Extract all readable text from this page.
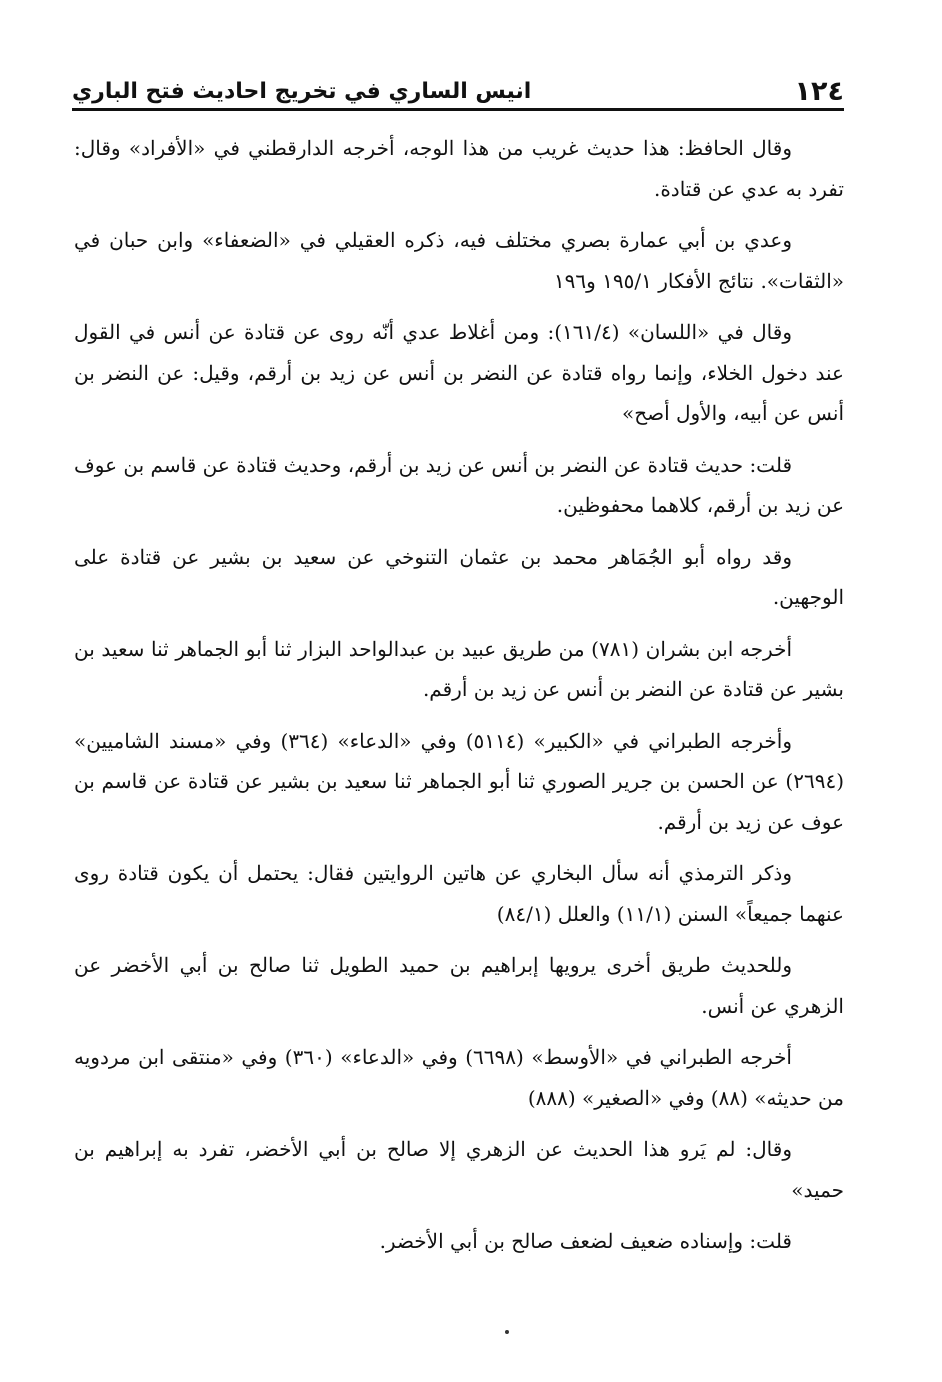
١٢٤
انيس الساري في تخريج احاديث فتح الباري

وقال الحافظ: هذا حديث غريب من هذا الوجه، أخرجه الدارقطني في «الأفراد» وقال: تفرد به عدي عن قتادة.

وعدي بن أبي عمارة بصري مختلف فيه، ذكره العقيلي في «الضعفاء» وابن حبان في «الثقات». نتائج الأفكار ١٩٥/١ و١٩٦

وقال في «اللسان» (١٦١/٤): ومن أغلاط عدي أنّه روى عن قتادة عن أنس في القول عند دخول الخلاء، وإنما رواه قتادة عن النضر بن أنس عن زيد بن أرقم، وقيل: عن النضر بن أنس عن أبيه، والأول أصح»

قلت: حديث قتادة عن النضر بن أنس عن زيد بن أرقم، وحديث قتادة عن قاسم بن عوف عن زيد بن أرقم، كلاهما محفوظين.

وقد رواه أبو الجُمَاهر محمد بن عثمان التنوخي عن سعيد بن بشير عن قتادة على الوجهين.

أخرجه ابن بشران (٧٨١) من طريق عبيد بن عبدالواحد البزار ثنا أبو الجماهر ثنا سعيد بن بشير عن قتادة عن النضر بن أنس عن زيد بن أرقم.

وأخرجه الطبراني في «الكبير» (٥١١٤) وفي «الدعاء» (٣٦٤) وفي «مسند الشاميين» (٢٦٩٤) عن الحسن بن جرير الصوري ثنا أبو الجماهر ثنا سعيد بن بشير عن قتادة عن قاسم بن عوف عن زيد بن أرقم.

وذكر الترمذي أنه سأل البخاري عن هاتين الروايتين فقال: يحتمل أن يكون قتادة روى عنهما جميعاً» السنن (١١/١) والعلل (٨٤/١)

وللحديث طريق أخرى يرويها إبراهيم بن حميد الطويل ثنا صالح بن أبي الأخضر عن الزهري عن أنس.

أخرجه الطبراني في «الأوسط» (٦٦٩٨) وفي «الدعاء» (٣٦٠) وفي «منتقى ابن مردويه من حديثه» (٨٨) وفي «الصغير» (٨٨٨)

وقال: لم يَرو هذا الحديث عن الزهري إلا صالح بن أبي الأخضر، تفرد به إبراهيم بن حميد»

قلت: وإسناده ضعيف لضعف صالح بن أبي الأخضر.
